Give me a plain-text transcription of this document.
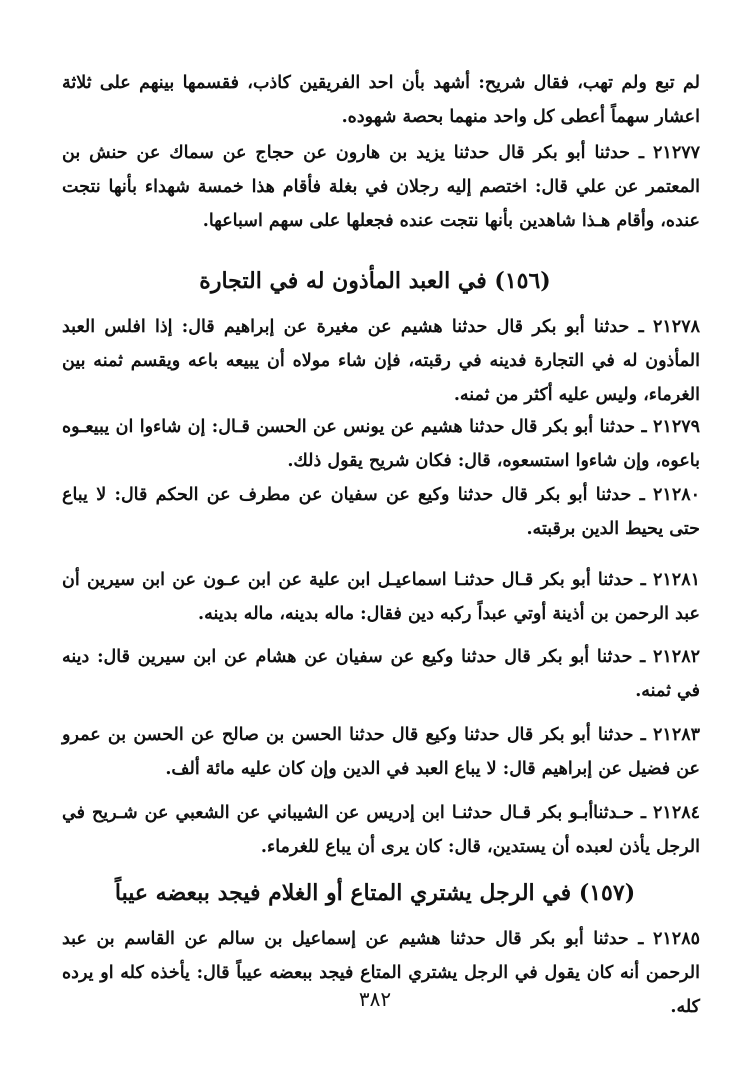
لم تبع ولم تهب، فقال شريح: أشهد بأن احد الفريقين كاذب، فقسمها بينهم على ثلاثة اعشار سهماً أعطى كل واحد منهما بحصة شهوده.

٢١٢٧٧ ـ حدثنا أبو بكر قال حدثنا يزيد بن هارون عن حجاج عن سماك عن حنش بن المعتمر عن علي قال: اختصم إليه رجلان في بغلة فأقام هذا خمسة شهداء بأنها نتجت عنده، وأقام هـذا شاهدين بأنها نتجت عنده فجعلها على سهم اسباعها.

(١٥٦) في العبد المأذون له في التجارة

٢١٢٧٨ ـ حدثنا أبو بكر قال حدثنا هشيم عن مغيرة عن إبراهيم قال: إذا افلس العبد المأذون له في التجارة فدينه في رقبته، فإن شاء مولاه أن يبيعه باعه ويقسم ثمنه بين الغرماء، وليس عليه أكثر من ثمنه.

٢١٢٧٩ ـ حدثنا أبو بكر قال حدثنا هشيم عن يونس عن الحسن قـال: إن شاءوا ان يبيعـوه باعوه، وإن شاءوا استسعوه، قال: فكان شريح يقول ذلك.

٢١٢٨٠ ـ حدثنا أبو بكر قال حدثنا وكيع عن سفيان عن مطرف عن الحكم قال: لا يباع حتى يحيط الدين برقبته.

٢١٢٨١ ـ حدثنا أبو بكر قـال حدثنـا اسماعيـل ابن علية عن ابن عـون عن ابن سيرين أن عبد الرحمن بن أذينة أوتي عبداً ركبه دين فقال: ماله بدينه، ماله بدينه.

٢١٢٨٢ ـ حدثنا أبو بكر قال حدثنا وكيع عن سفيان عن هشام عن ابن سيرين قال: دينه في ثمنه.

٢١٢٨٣ ـ حدثنا أبو بكر قال حدثنا وكيع قال حدثنا الحسن بن صالح عن الحسن بن عمرو عن فضيل عن إبراهيم قال: لا يباع العبد في الدين وإن كان عليه مائة ألف.

٢١٢٨٤ ـ حـدثناأبـو بكر قـال حدثنـا ابن إدريس عن الشيباني عن الشعبي عن شـريح في الرجل يأذن لعبده أن يستدين، قال: كان يرى أن يباع للغرماء.

(١٥٧) في الرجل يشتري المتاع أو الغلام فيجد ببعضه عيباً

٢١٢٨٥ ـ حدثنا أبو بكر قال حدثنا هشيم عن إسماعيل بن سالم عن القاسم بن عبد الرحمن أنه كان يقول في الرجل يشتري المتاع فيجد ببعضه عيباً قال: يأخذه كله او يرده كله.

٣٨٢
